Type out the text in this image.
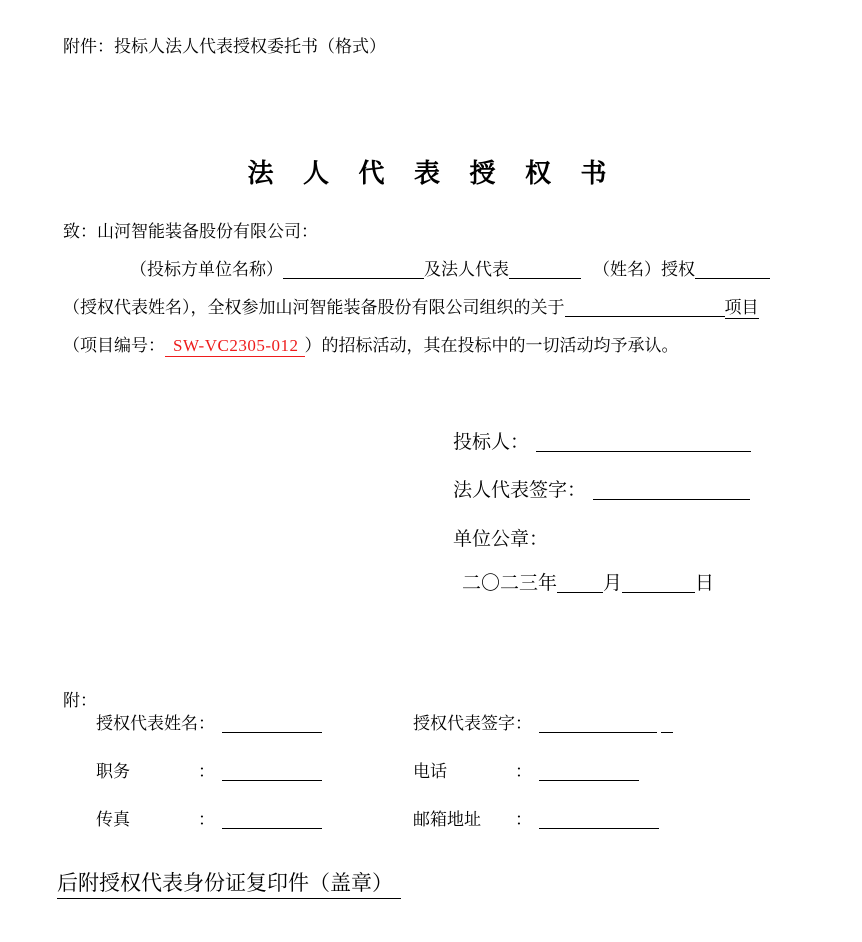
附件：投标人法人代表授权委托书（格式）
法 人 代 表 授 权 书
致：山河智能装备股份有限公司：
（投标方单位名称）	及法人代表	（姓名）授权
（授权代表姓名），全权参加山河智能装备股份有限公司组织的关于	项目
（项目编号： SW-VC2305-012 ）的招标活动，其在投标中的一切活动均予承认。
投标人：
法人代表签字：
单位公章：
二〇二三年 月	日
附：
授权代表姓名：	授权代表签字：
职务	：	电话	：
传真	：	邮箱地址 ：
后附授权代表身份证复印件（盖章）
